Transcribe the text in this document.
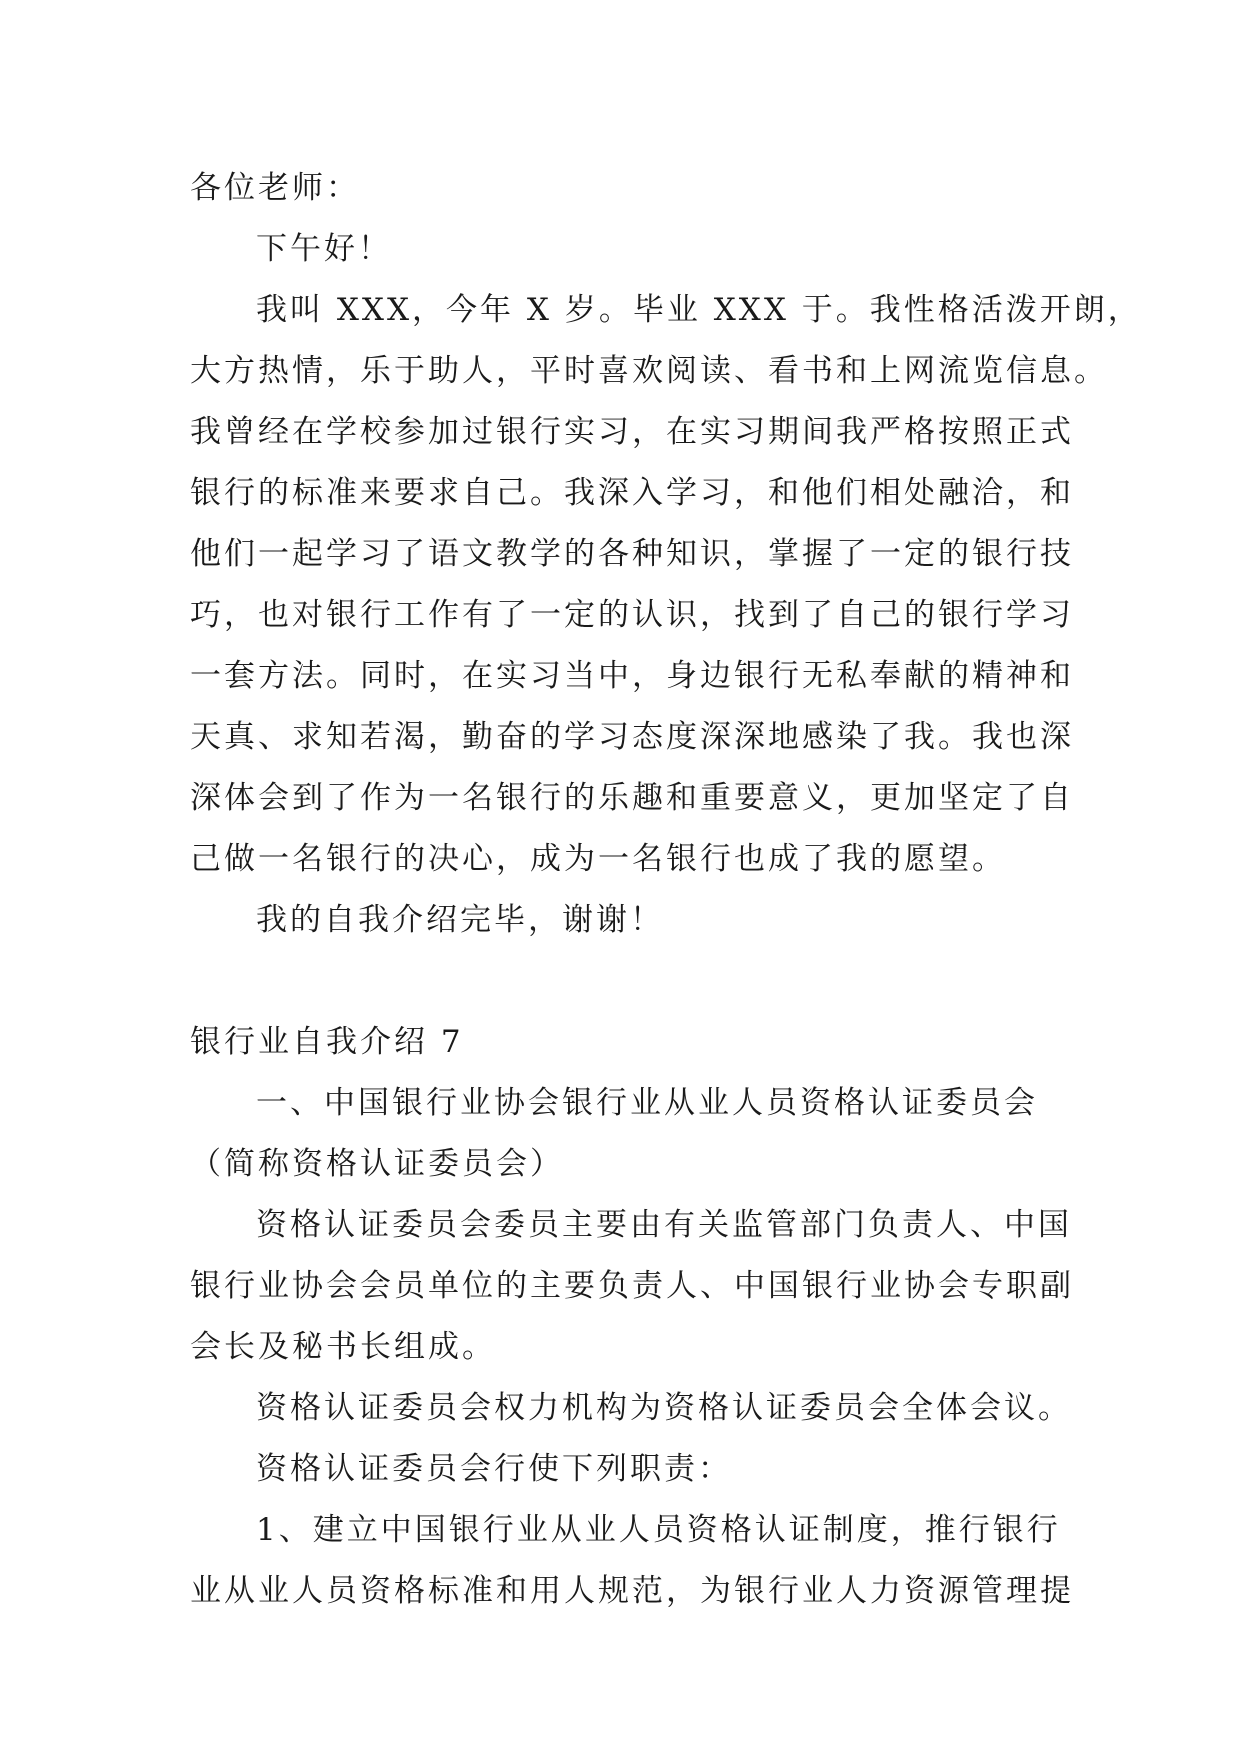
各位老师：
下午好！
我叫 XXX，今年 X 岁。毕业 XXX 于。我性格活泼开朗，
大方热情，乐于助人，平时喜欢阅读、看书和上网流览信息。
我曾经在学校参加过银行实习，在实习期间我严格按照正式
银行的标准来要求自己。我深入学习，和他们相处融洽，和
他们一起学习了语文教学的各种知识，掌握了一定的银行技
巧，也对银行工作有了一定的认识，找到了自己的银行学习
一套方法。同时，在实习当中，身边银行无私奉献的精神和
天真、求知若渴，勤奋的学习态度深深地感染了我。我也深
深体会到了作为一名银行的乐趣和重要意义，更加坚定了自
己做一名银行的决心，成为一名银行也成了我的愿望。
我的自我介绍完毕，谢谢！
银行业自我介绍 7
一、中国银行业协会银行业从业人员资格认证委员会
（简称资格认证委员会）
资格认证委员会委员主要由有关监管部门负责人、中国
银行业协会会员单位的主要负责人、中国银行业协会专职副
会长及秘书长组成。
资格认证委员会权力机构为资格认证委员会全体会议。
资格认证委员会行使下列职责：
1、建立中国银行业从业人员资格认证制度，推行银行
业从业人员资格标准和用人规范，为银行业人力资源管理提
